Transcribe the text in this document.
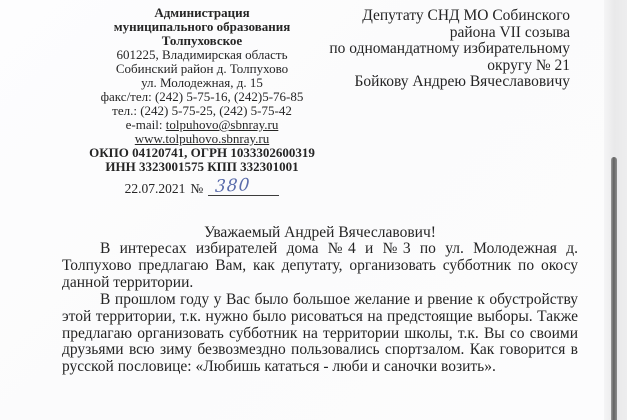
Администрация
муниципального образования
Толпуховское
601225, Владимирская область
Собинский район д. Толпухово
ул. Молодежная, д. 15
факс/тел: (242) 5-75-16, (242)5-76-85
тел.: (242) 5-75-25, (242) 5-75-42
e-mail: tolpuhovo@sbnray.ru
www.tolpuhovo.sbnray.ru
ОКПО 04120741, ОГРН 1033302600319
ИНН 3323001575 КПП 332301001
22.07.2021 № 380
Депутату СНД МО Собинского
района VII созыва
по одномандатному избирательному
округу № 21
Бойкову Андрею Вячеславовичу
Уважаемый Андрей Вячеславович!

В интересах избирателей дома №4 и №3 по ул. Молодежная д. Толпухово предлагаю Вам, как депутату, организовать субботник по окосу данной территории.

В прошлом году у Вас было большое желание и рвение к обустройству этой территории, т.к. нужно было рисоваться на предстоящие выборы. Также предлагаю организовать субботник на территории школы, т.к. Вы со своими друзьями всю зиму безвозмездно пользовались спортзалом. Как говорится в русской пословице: «Любишь кататься - люби и саночки возить».
